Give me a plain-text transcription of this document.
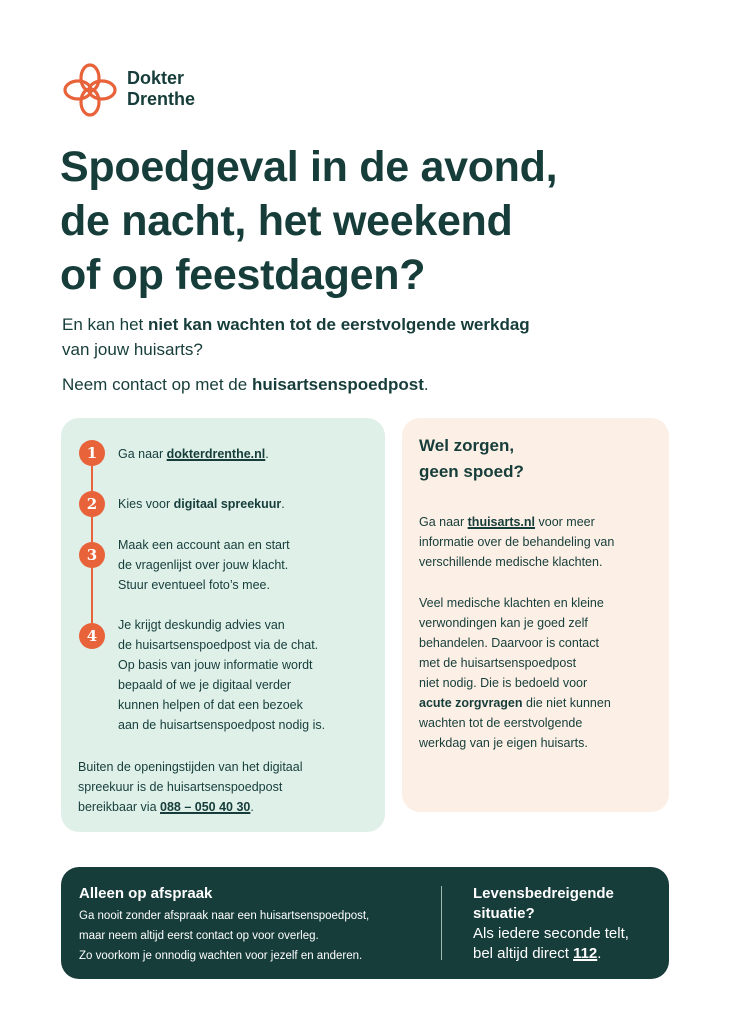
Dokter
Drenthe
Spoedgeval in de avond,
de nacht, het weekend
of op feestdagen?

En kan het niet kan wachten tot de eerstvolgende werkdag
van jouw huisarts?

Neem contact op met de huisartsenspoedpost.

1	Ga naar dokterdrenthe.nl.
2	Kies voor digitaal spreekuur.
3
Maak een account aan en start
de vragenlijst over jouw klacht.
Stuur eventueel foto’s mee.
4
Je krijgt deskundig advies van
de huisartsenspoedpost via de chat.
Op basis van jouw informatie wordt
bepaald of we je digitaal verder
kunnen helpen of dat een bezoek
aan de huisartsenspoedpost nodig is.
Buiten de openingstijden van het digitaal
spreekuur is de huisartsenspoedpost
bereikbaar via 088 – 050 40 30.
Wel zorgen,
geen spoed?
Ga naar thuisarts.nl voor meer
informatie over de behandeling van
verschillende medische klachten.
Veel medische klachten en kleine
verwondingen kan je goed zelf
behandelen. Daarvoor is contact
met de huisartsenspoedpost
niet nodig. Die is bedoeld voor
acute zorgvragen die niet kunnen
wachten tot de eerstvolgende
werkdag van je eigen huisarts.
Alleen op afspraak
Ga nooit zonder afspraak naar een huisartsenspoedpost,
maar neem altijd eerst contact op voor overleg.
Zo voorkom je onnodig wachten voor jezelf en anderen.
Levensbedreigende
situatie?
Als iedere seconde telt,
bel altijd direct 112.
